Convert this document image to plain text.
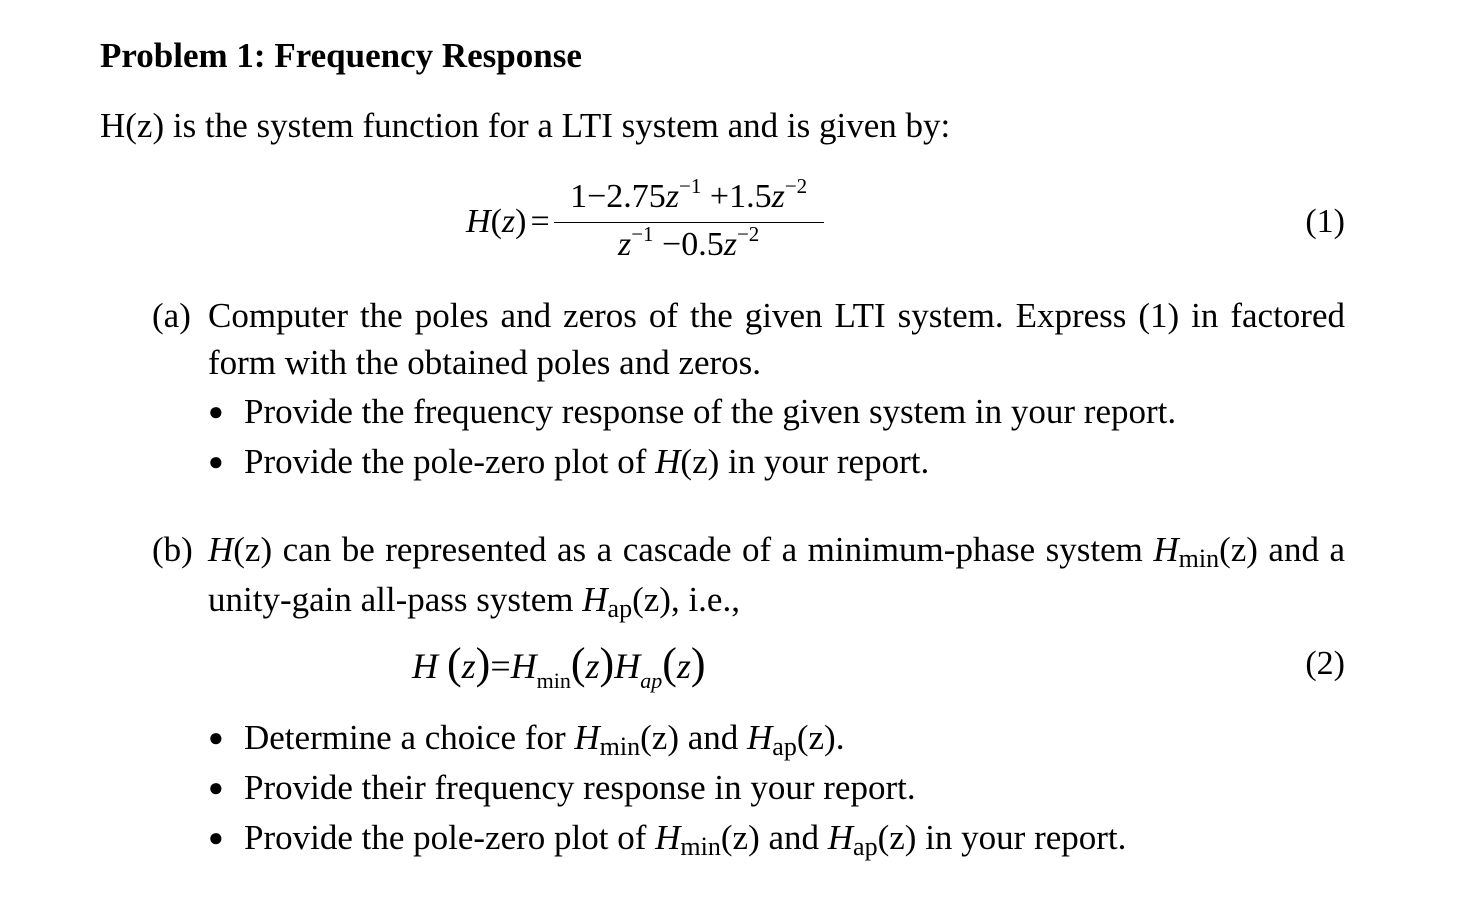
Problem 1: Frequency Response

H(z) is the system function for a LTI system and is given by:

$H(z) = \frac{1-2.75z^{-1} +1.5z^{-2}}{z^{-1} -0.5z^{-2}}$	(1)
(a) Computer the poles and zeros of the given LTI system. Express (1) in factored form with the obtained poles and zeros.
● Provide the frequency response of the given system in your report.
● Provide the pole-zero plot of H(z) in your report.
(b) H(z) can be represented as a cascade of a minimum-phase system Hmin(z) and a unity-gain all-pass system Hap(z), i.e.,
H $(z)=H_{min}(z)H_{ap}(z)$	(2)
● Determine a choice for Hmin(z) and Hap(z).
● Provide their frequency response in your report.
● Provide the pole-zero plot of Hmin(z) and Hap(z) in your report.
